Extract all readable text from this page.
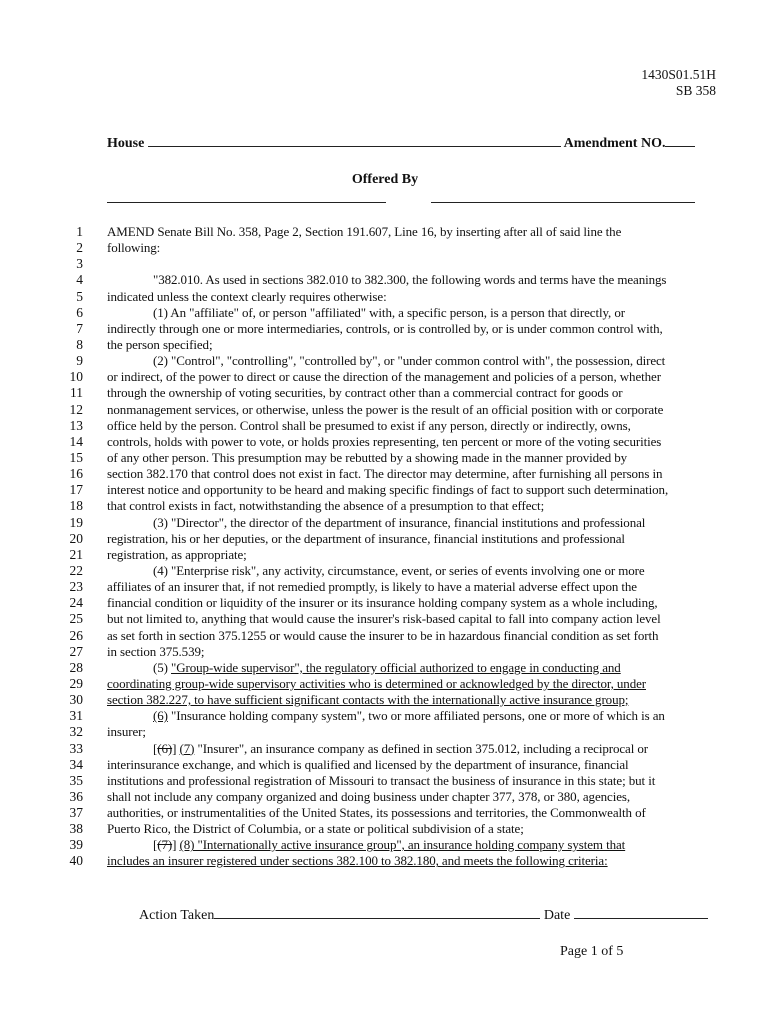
1430S01.51H
SB 358
House	Amendment NO.
Offered By
1 AMEND Senate Bill No. 358, Page 2, Section 191.607, Line 16, by inserting after all of said line the
2 following:
3
4	"382.010. As used in sections 382.010 to 382.300, the following words and terms have the meanings
5 indicated unless the context clearly requires otherwise:
6	(1) An "affiliate" of, or person "affiliated" with, a specific person, is a person that directly, or
7 indirectly through one or more intermediaries, controls, or is controlled by, or is under common control with,
8 the person specified;
9	(2) "Control", "controlling", "controlled by", or "under common control with", the possession, direct
10 or indirect, of the power to direct or cause the direction of the management and policies of a person, whether
11 through the ownership of voting securities, by contract other than a commercial contract for goods or
12 nonmanagement services, or otherwise, unless the power is the result of an official position with or corporate
13 office held by the person. Control shall be presumed to exist if any person, directly or indirectly, owns,
14 controls, holds with power to vote, or holds proxies representing, ten percent or more of the voting securities
15 of any other person. This presumption may be rebutted by a showing made in the manner provided by
16 section 382.170 that control does not exist in fact. The director may determine, after furnishing all persons in
17 interest notice and opportunity to be heard and making specific findings of fact to support such determination,
18 that control exists in fact, notwithstanding the absence of a presumption to that effect;
19	(3) "Director", the director of the department of insurance, financial institutions and professional
20 registration, his or her deputies, or the department of insurance, financial institutions and professional
21 registration, as appropriate;
22	(4) "Enterprise risk", any activity, circumstance, event, or series of events involving one or more
23 affiliates of an insurer that, if not remedied promptly, is likely to have a material adverse effect upon the
24 financial condition or liquidity of the insurer or its insurance holding company system as a whole including,
25 but not limited to, anything that would cause the insurer's risk-based capital to fall into company action level
26 as set forth in section 375.1255 or would cause the insurer to be in hazardous financial condition as set forth
27 in section 375.539;
28	(5) "Group-wide supervisor", the regulatory official authorized to engage in conducting and
29 coordinating group-wide supervisory activities who is determined or acknowledged by the director, under
30 section 382.227, to have sufficient significant contacts with the internationally active insurance group;
31	(6) "Insurance holding company system", two or more affiliated persons, one or more of which is an
32 insurer;
33	[(6)] (7) "Insurer", an insurance company as defined in section 375.012, including a reciprocal or
34 interinsurance exchange, and which is qualified and licensed by the department of insurance, financial
35 institutions and professional registration of Missouri to transact the business of insurance in this state; but it
36 shall not include any company organized and doing business under chapter 377, 378, or 380, agencies,
37 authorities, or instrumentalities of the United States, its possessions and territories, the Commonwealth of
38 Puerto Rico, the District of Columbia, or a state or political subdivision of a state;
39	[(7)] (8) "Internationally active insurance group", an insurance holding company system that
40 includes an insurer registered under sections 382.100 to 382.180, and meets the following criteria:
Action Taken	Date
Page 1 of 5
